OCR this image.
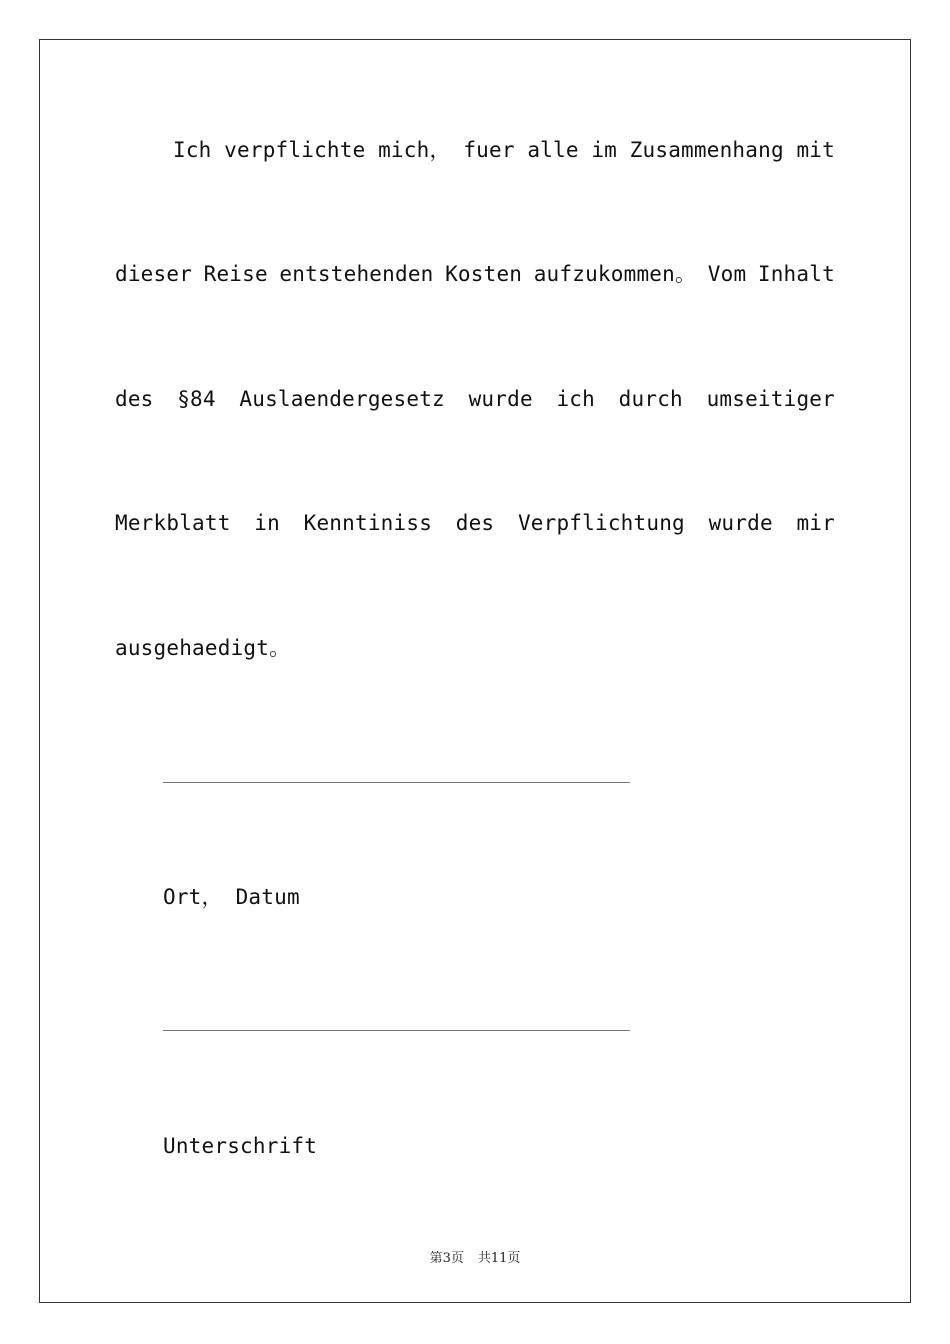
Ich verpflichte mich， fuer alle im Zusammenhang mit
dieser Reise entstehenden Kosten aufzukommen。 Vom Inhalt
des §84 Auslaendergesetz wurde ich durch umseitiger
Merkblatt in Kenntiniss des Verpflichtung wurde mir
ausgehaedigt。
Ort， Datum
Unterschrift
第3页 共11页
